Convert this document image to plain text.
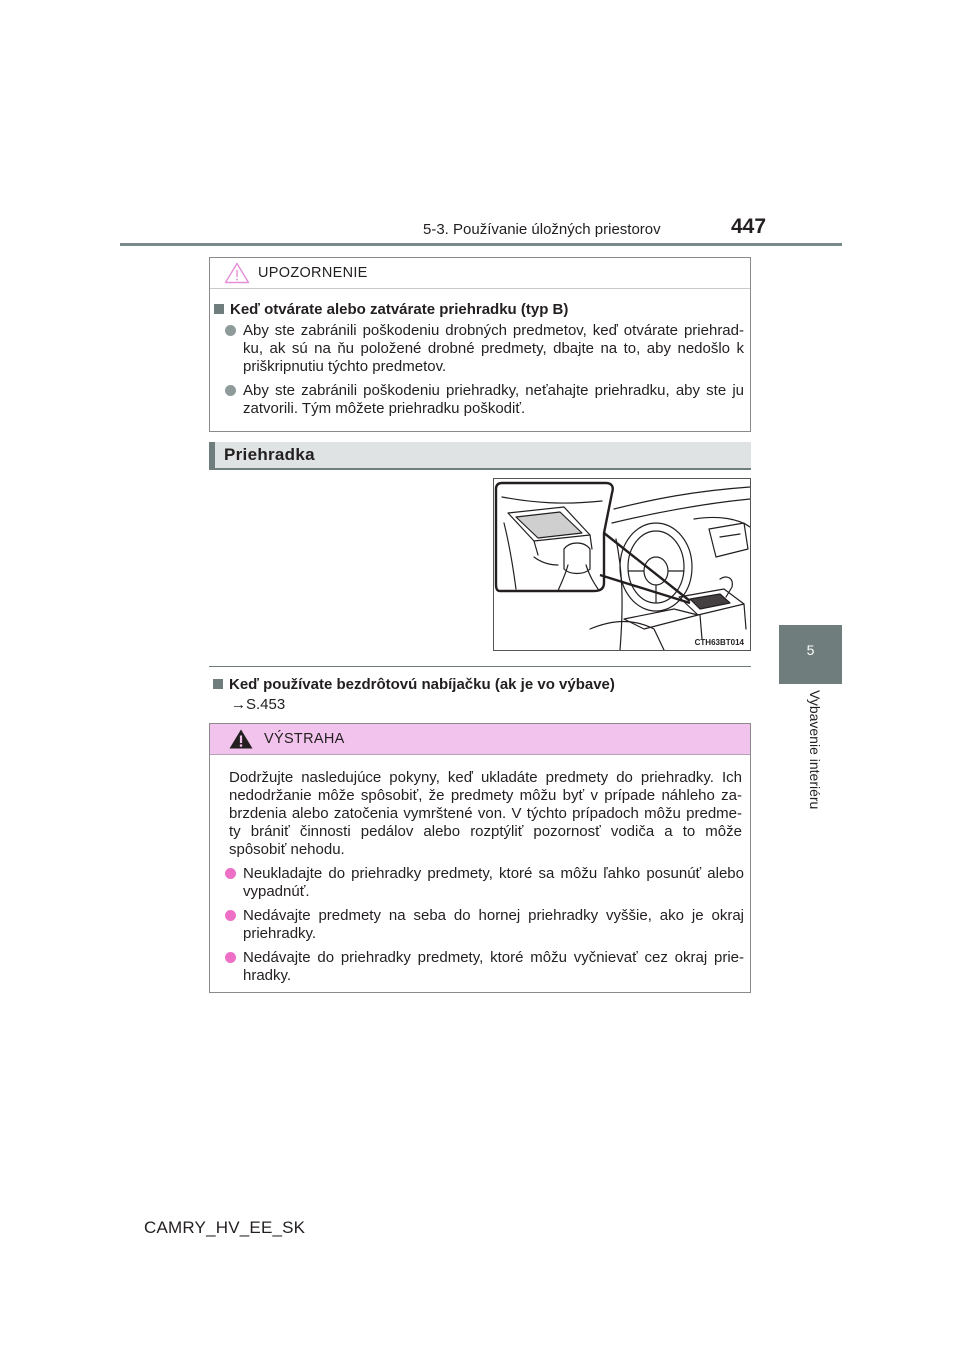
5-3. Používanie úložných priestorov	447
5
Vybavenie interiéru
UPOZORNENIE
Keď otvárate alebo zatvárate priehradku (typ B)
Aby ste zabránili poškodeniu drobných predmetov, keď otvárate priehrad-ku, ak sú na ňu položené drobné predmety, dbajte na to, aby nedošlo k priškripnutiu týchto predmetov.
Aby ste zabránili poškodeniu priehradky, neťahajte priehradku, aby ste ju zatvorili. Tým môžete priehradku poškodiť.
Priehradka
CTH63BT014
Keď používate bezdrôtovú nabíjačku (ak je vo výbave)
→S.453
VÝSTRAHA
Dodržujte nasledujúce pokyny, keď ukladáte predmety do priehradky. Ich nedodržanie môže spôsobiť, že predmety môžu byť v prípade náhleho za-brzdenia alebo zatočenia vymrštené von. V týchto prípadoch môžu predme-ty brániť činnosti pedálov alebo rozptýliť pozornosť vodiča a to môže spôsobiť nehodu.
Neukladajte do priehradky predmety, ktoré sa môžu ľahko posunúť alebo vypadnúť.
Nedávajte predmety na seba do hornej priehradky vyššie, ako je okraj priehradky.
Nedávajte do priehradky predmety, ktoré môžu vyčnievať cez okraj prie-hradky.
CAMRY_HV_EE_SK
